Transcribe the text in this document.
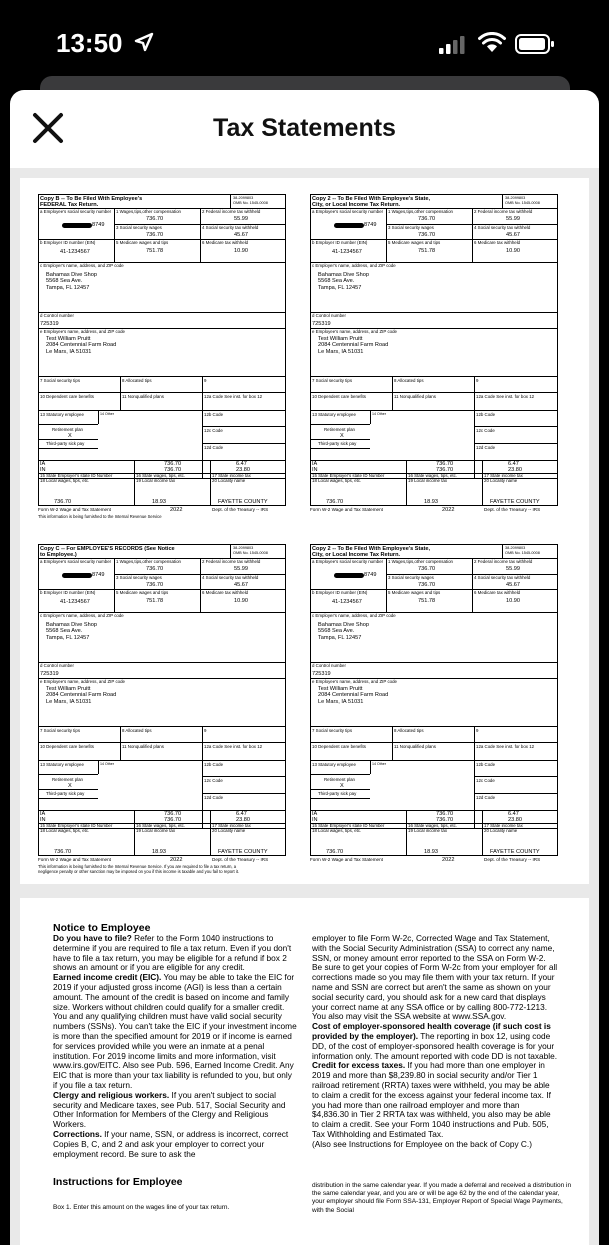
13:50
Tax Statements
Copy B -- To Be Filed With Employee's
FEDERAL Tax Return.
38-2099803
OMB No. 1545-0008
a Employee's social security number
8749
1 Wages,tips,other compensation
736.70
2 Federal income tax withheld
55.99
3 Social security wages
736.70
4 Social security tax withheld
45.67
b Employer ID number (EIN)
41-1234567
5 Medicare wages and tips
751.78
6 Medicare tax withheld
10.90
c Employer's name, address, and ZIP code
Bahamas Dive Shop
5568 Sea Ave.
Tampa, FL 12457
d Control number
725319
e Employee's name, address, and ZIP code
Test William Pruitt
2084 Centennial Farm Road
Le Mars, IA 51031
7 Social security tips	8 Allocated tips	9
10 Dependent care benefits	11 Nonqualified plans	12a Code See inst. for box 12
13 Statutory employee	14 Other	12b Code
Retirement plan
X
12c Code
Third-party sick pay
12d Code
IA	736.70	6.47
IN	736.70	23.80
15 State Employer's state ID Number	16 State wages, tips, etc.	17 State income tax
18 Local wages, tips, etc.	19 Local income tax	20 Locality name
736.70	18.93	FAYETTE COUNTY
Form W-2 Wage and Tax Statement	2022	Dept. of the Treasury -- IRS
This information is being furnished to the Internal Revenue Service
Copy 2 -- To Be Filed With Employee's State,
City, or Local Income Tax Return.
38-2099803
OMB No. 1545-0008
a Employee's social security number
8749
1 Wages,tips,other compensation
736.70
2 Federal income tax withheld
55.99
3 Social security wages
736.70
4 Social security tax withheld
45.67
b Employer ID number (EIN)
41-1234567
5 Medicare wages and tips
751.78
6 Medicare tax withheld
10.90
c Employer's name, address, and ZIP code
Bahamas Dive Shop
5568 Sea Ave.
Tampa, FL 12457
d Control number
725319
e Employee's name, address, and ZIP code
Test William Pruitt
2084 Centennial Farm Road
Le Mars, IA 51031
7 Social security tips	8 Allocated tips	9
10 Dependent care benefits	11 Nonqualified plans	12a Code See inst. for box 12
13 Statutory employee	14 Other	12b Code
Retirement plan
X
12c Code
Third-party sick pay
12d Code
IA	736.70	6.47
IN	736.70	23.80
15 State Employer's state ID Number	16 State wages, tips, etc.	17 State income tax
18 Local wages, tips, etc.	19 Local income tax	20 Locality name
736.70	18.93	FAYETTE COUNTY
Form W-2 Wage and Tax Statement	2022	Dept. of the Treasury -- IRS
Copy C -- For EMPLOYEE'S RECORDS (See Notice
to Employee.)
38-2099803
OMB No. 1545-0008
a Employee's social security number
8749
1 Wages,tips,other compensation
736.70
2 Federal income tax withheld
55.99
3 Social security wages
736.70
4 Social security tax withheld
45.67
b Employer ID number (EIN)
41-1234567
5 Medicare wages and tips
751.78
6 Medicare tax withheld
10.90
c Employer's name, address, and ZIP code
Bahamas Dive Shop
5568 Sea Ave.
Tampa, FL 12457
d Control number
725319
e Employee's name, address, and ZIP code
Test William Pruitt
2084 Centennial Farm Road
Le Mars, IA 51031
7 Social security tips	8 Allocated tips	9
10 Dependent care benefits	11 Nonqualified plans	12a Code See inst. for box 12
13 Statutory employee	14 Other	12b Code
Retirement plan
X
12c Code
Third-party sick pay
12d Code
IA	736.70	6.47
IN	736.70	23.80
15 State Employer's state ID Number	16 State wages, tips, etc.	17 State income tax
18 Local wages, tips, etc.	19 Local income tax	20 Locality name
736.70	18.93	FAYETTE COUNTY
Form W-2 Wage and Tax Statement	2022	Dept. of the Treasury -- IRS
This information is being furnished to the Internal Revenue Service. If you are required to file a tax return, a
negligence penalty or other sanction may be imposed on you if this income is taxable and you fail to report it.
Copy 2 -- To Be Filed With Employee's State,
City, or Local Income Tax Return.
38-2099803
OMB No. 1545-0008
a Employee's social security number
8749
1 Wages,tips,other compensation
736.70
2 Federal income tax withheld
55.99
3 Social security wages
736.70
4 Social security tax withheld
45.67
b Employer ID number (EIN)
41-1234567
5 Medicare wages and tips
751.78
6 Medicare tax withheld
10.90
c Employer's name, address, and ZIP code
Bahamas Dive Shop
5568 Sea Ave.
Tampa, FL 12457
d Control number
725319
e Employee's name, address, and ZIP code
Test William Pruitt
2084 Centennial Farm Road
Le Mars, IA 51031
7 Social security tips	8 Allocated tips	9
10 Dependent care benefits	11 Nonqualified plans	12a Code See inst. for box 12
13 Statutory employee	14 Other	12b Code
Retirement plan
X
12c Code
Third-party sick pay
12d Code
IA	736.70	6.47
IN	736.70	23.80
15 State Employer's state ID Number	16 State wages, tips, etc.	17 State income tax
18 Local wages, tips, etc.	19 Local income tax	20 Locality name
736.70	18.93	FAYETTE COUNTY
Form W-2 Wage and Tax Statement	2022	Dept. of the Treasury -- IRS
Notice to Employee
Do you have to file? Refer to the Form 1040 instructions to determine if you are required to file a tax return. Even if you don't have to file a tax return, you may be eligible for a refund if box 2 shows an amount or if you are eligible for any credit.
Earned income credit (EIC). You may be able to take the EIC for 2019 if your adjusted gross income (AGI) is less than a certain amount. The amount of the credit is based on income and family size. Workers without children could qualify for a smaller credit. You and any qualifying children must have valid social security numbers (SSNs). You can't take the EIC if your investment income is more than the specified amount for 2019 or if income is earned for services provided while you were an inmate at a penal institution. For 2019 income limits and more information, visit www.irs.gov/EITC. Also see Pub. 596, Earned Income Credit. Any EIC that is more than your tax liability is refunded to you, but only if you file a tax return.
Clergy and religious workers. If you aren't subject to social security and Medicare taxes, see Pub. 517, Social Security and Other Information for Members of the Clergy and Religious Workers.
Corrections. If your name, SSN, or address is incorrect, correct Copies B, C, and 2 and ask your employer to correct your employment record. Be sure to ask the
employer to file Form W-2c, Corrected Wage and Tax Statement, with the Social Security Administration (SSA) to correct any name, SSN, or money amount error reported to the SSA on Form W-2. Be sure to get your copies of Form W-2c from your employer for all corrections made so you may file them with your tax return. If your name and SSN are correct but aren't the same as shown on your social security card, you should ask for a new card that displays your correct name at any SSA office or by calling 800-772-1213. You also may visit the SSA website at www.SSA.gov.
Cost of employer-sponsored health coverage (if such cost is provided by the employer). The reporting in box 12, using code DD, of the cost of employer-sponsored health coverage is for your information only. The amount reported with code DD is not taxable.
Credit for excess taxes. If you had more than one employer in 2019 and more than $8,239.80 in social security and/or Tier 1 railroad retirement (RRTA) taxes were withheld, you may be able to claim a credit for the excess against your federal income tax. If you had more than one railroad employer and more than $4,836.30 in Tier 2 RRTA tax was withheld, you also may be able to claim a credit. See your Form 1040 instructions and Pub. 505, Tax Withholding and Estimated Tax.
(Also see Instructions for Employee on the back of Copy C.)
Instructions for Employee
Box 1. Enter this amount on the wages line of your tax return.
distribution in the same calendar year. If you made a deferral and received a distribution in the same calendar year, and you are or will be age 62 by the end of the calendar year, your employer should file Form SSA-131, Employer Report of Special Wage Payments, with the Social
